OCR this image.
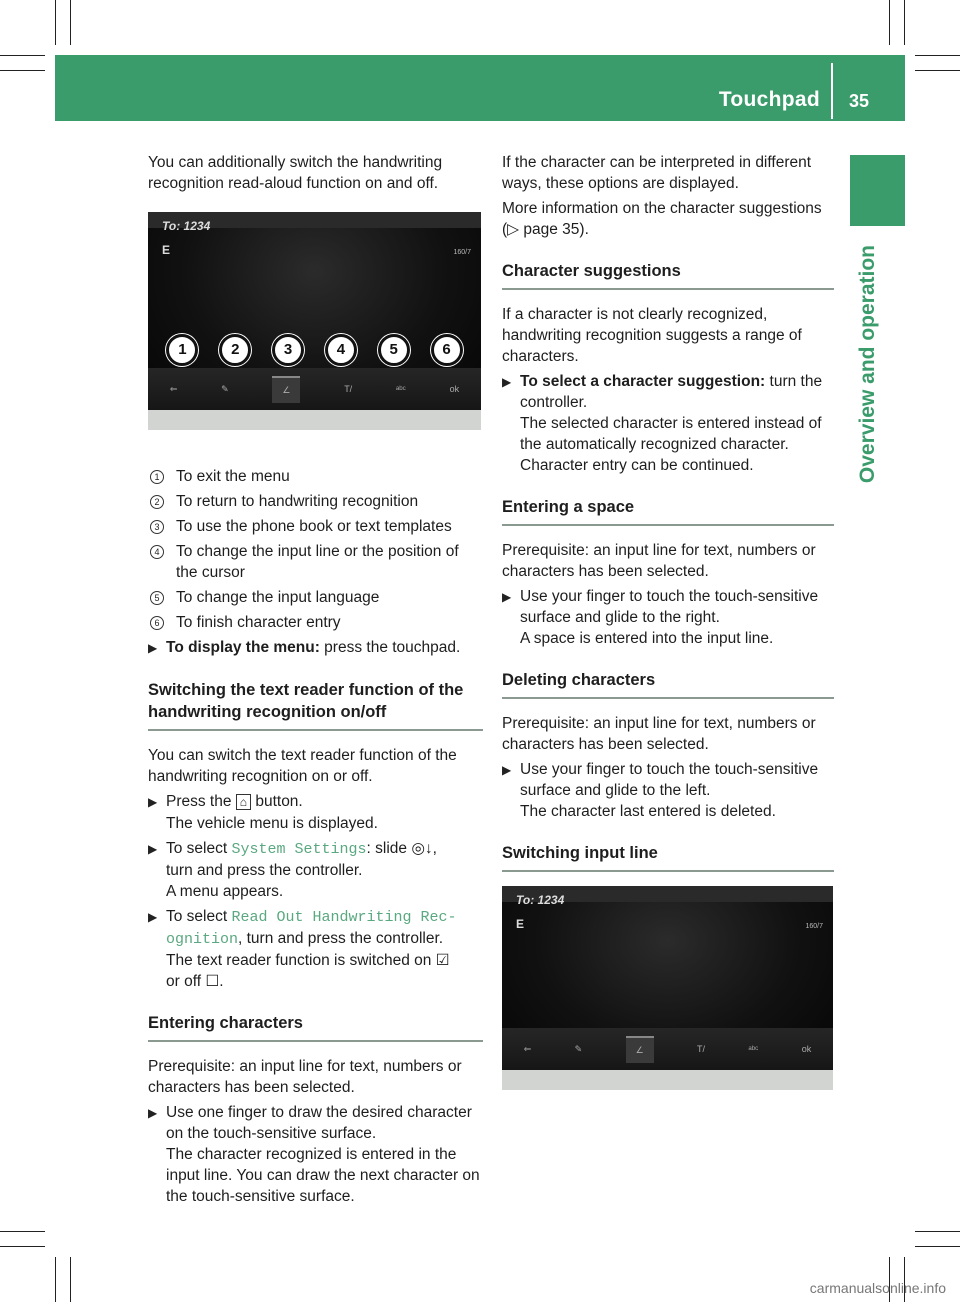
Touchpad 35
Overview and operation

You can additionally switch the handwriting recognition read-aloud function on and off.

To: 1234
E	160/7
1	2	3	4	5	6
⇐	✎	∠	T/	ᵃᵇᶜ	ok
P82.89-0784-31
1 To exit the menu
2 To return to handwriting recognition
3 To use the phone book or text templates
4 To change the input line or the position of the cursor
5 To change the input language
6 To finish character entry
▶ To display the menu: press the touchpad.
Switching the text reader function of the handwriting recognition on/off

You can switch the text reader function of the handwriting recognition on or off.

▶ Press the ⌂ button.
The vehicle menu is displayed.
▶ To select System Settings: slide ◎↓,
turn and press the controller.
A menu appears.
▶ To select Read Out Handwriting Rec‐
ognition, turn and press the controller.
The text reader function is switched on ☑
or off ☐.
Entering characters

Prerequisite: an input line for text, numbers or characters has been selected.

▶ Use one finger to draw the desired character on the touch-sensitive surface.
The character recognized is entered in the input line. You can draw the next character on the touch-sensitive surface.

If the character can be interpreted in different ways, these options are displayed.

More information on the character suggestions (▷ page 35).

Character suggestions

If a character is not clearly recognized, handwriting recognition suggests a range of characters.

▶ To select a character suggestion: turn the controller.
The selected character is entered instead of the automatically recognized character. Character entry can be continued.
Entering a space

Prerequisite: an input line for text, numbers or characters has been selected.

▶ Use your finger to touch the touch-sensitive surface and glide to the right.
A space is entered into the input line.
Deleting characters

Prerequisite: an input line for text, numbers or characters has been selected.

▶ Use your finger to touch the touch-sensitive surface and glide to the left.
The character last entered is deleted.
Switching input line
To: 1234
E	160/7
⇐	✎	∠	T/	ᵃᵇᶜ	ok
P82.89-0785-31
carmanualsonline.info
